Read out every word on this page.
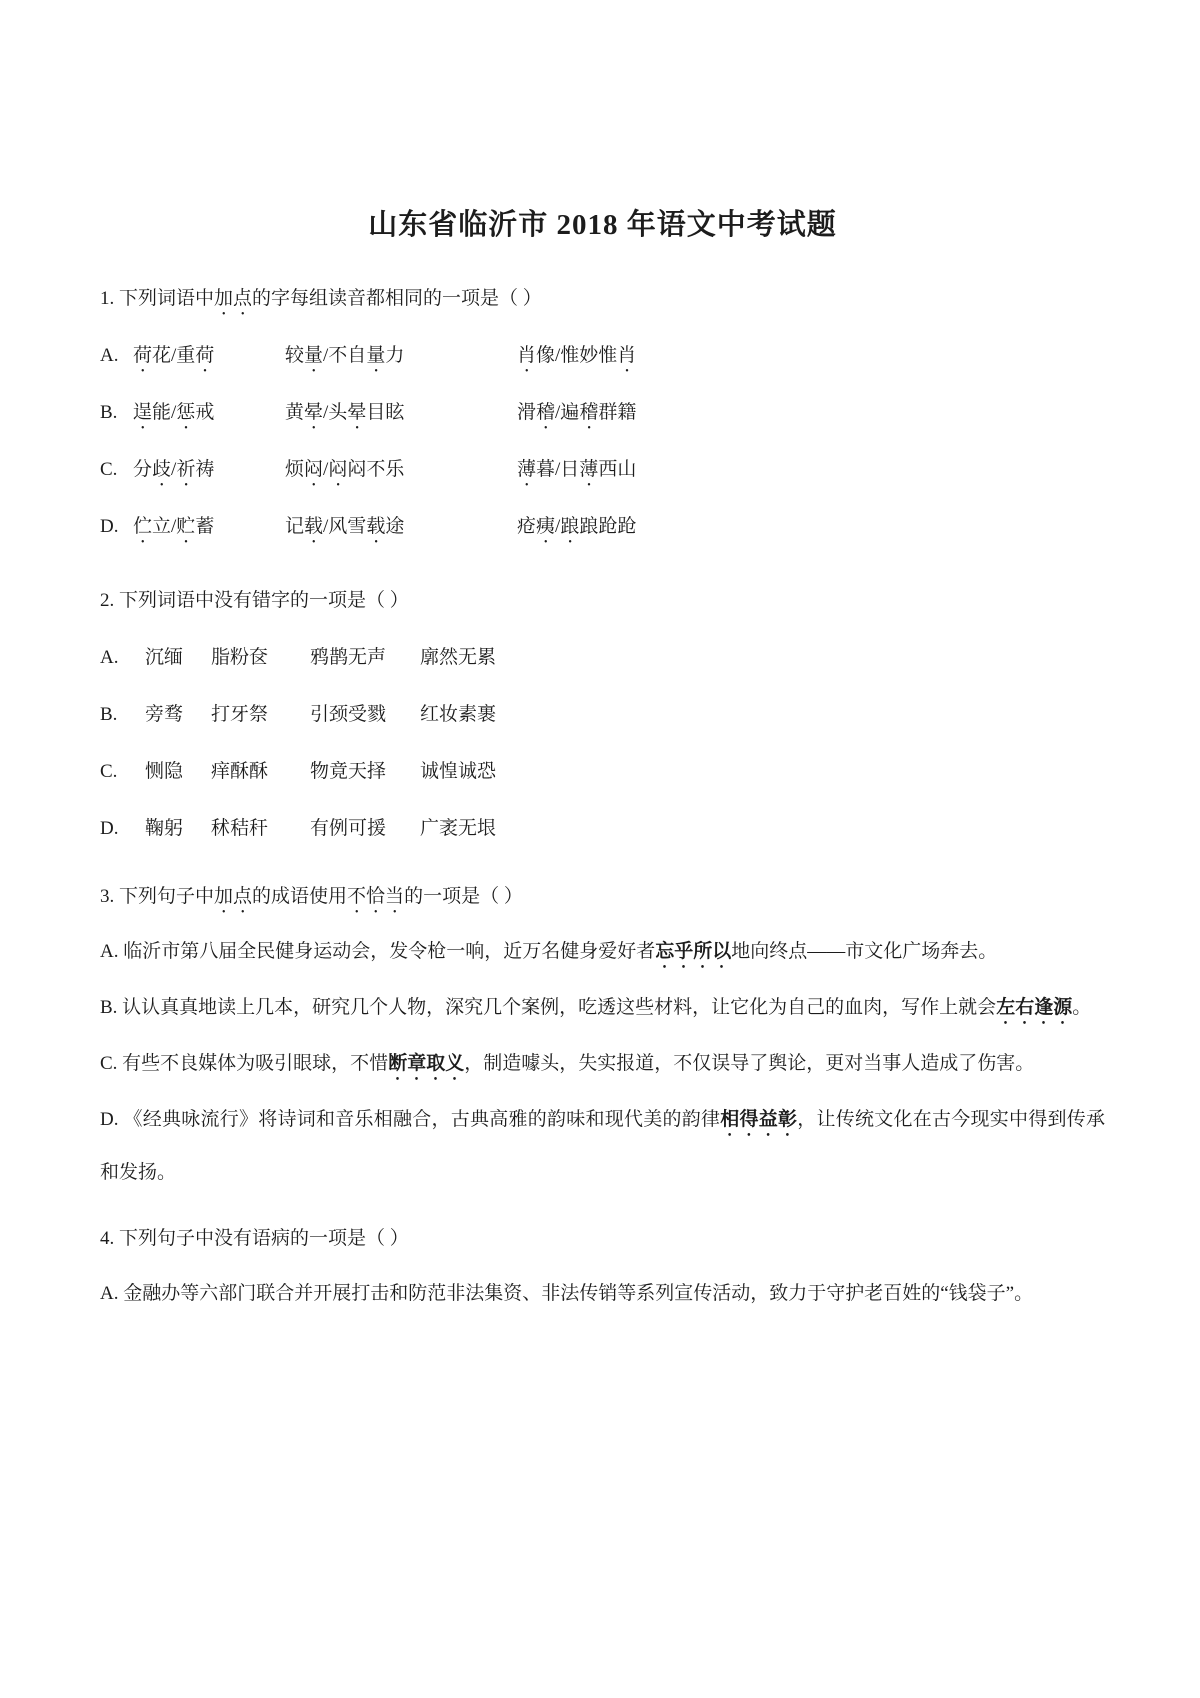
山东省临沂市 2018 年语文中考试题

1. 下列词语中加点的字每组读音都相同的一项是（ ）

A. 荷花/重荷	较量/不自量力	肖像/惟妙惟肖
B. 逞能/惩戒	黄晕/头晕目眩	滑稽/遍稽群籍
C. 分歧/祈祷	烦闷/闷闷不乐	薄暮/日薄西山
D. 伫立/贮蓄	记载/风雪载途	疮痍/踉踉跄跄

2. 下列词语中没有错字的一项是（ ）

A.	沉缅	脂粉奁	鸦鹊无声	廓然无累
B.	旁骛	打牙祭	引颈受戮	红妆素裹
C.	恻隐	痒酥酥	物竟天择	诚惶诚恐
D.	鞠躬	秫秸秆	有例可援	广袤无垠

3. 下列句子中加点的成语使用不恰当的一项是（ ）

A. 临沂市第八届全民健身运动会，发令枪一响，近万名健身爱好者忘乎所以地向终点——市文化广场奔去。

B. 认认真真地读上几本，研究几个人物，深究几个案例，吃透这些材料，让它化为自己的血肉，写作上就会左右逢源。

C. 有些不良媒体为吸引眼球，不惜断章取义，制造噱头，失实报道，不仅误导了舆论，更对当事人造成了伤害。

D. 《经典咏流行》将诗词和音乐相融合，古典高雅的韵味和现代美的韵律相得益彰，让传统文化在古今现实中得到传承和发扬。

4. 下列句子中没有语病的一项是（ ）

A. 金融办等六部门联合并开展打击和防范非法集资、非法传销等系列宣传活动，致力于守护老百姓的“钱袋子”。
